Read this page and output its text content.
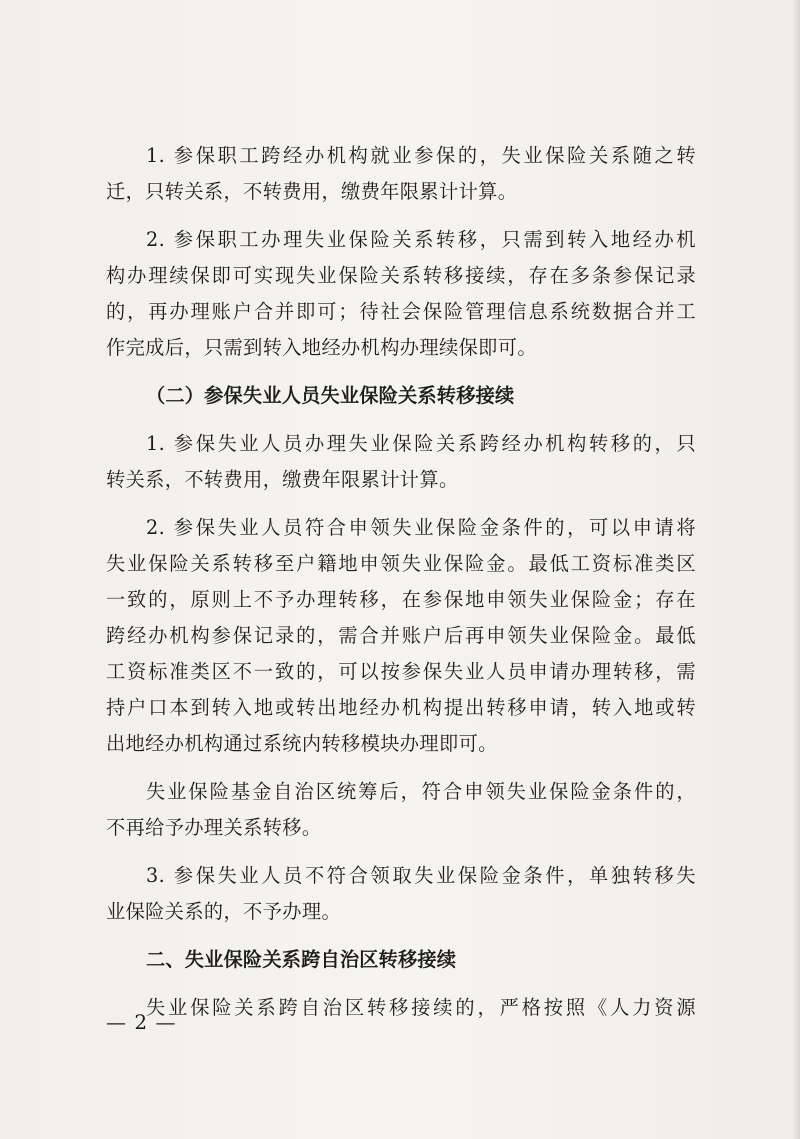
1. 参保职工跨经办机构就业参保的，失业保险关系随之转
迁，只转关系，不转费用，缴费年限累计计算。
2. 参保职工办理失业保险关系转移，只需到转入地经办机
构办理续保即可实现失业保险关系转移接续，存在多条参保记录
的，再办理账户合并即可；待社会保险管理信息系统数据合并工
作完成后，只需到转入地经办机构办理续保即可。
（二）参保失业人员失业保险关系转移接续
1. 参保失业人员办理失业保险关系跨经办机构转移的，只
转关系，不转费用，缴费年限累计计算。
2. 参保失业人员符合申领失业保险金条件的，可以申请将
失业保险关系转移至户籍地申领失业保险金。最低工资标准类区
一致的，原则上不予办理转移，在参保地申领失业保险金；存在
跨经办机构参保记录的，需合并账户后再申领失业保险金。最低
工资标准类区不一致的，可以按参保失业人员申请办理转移，需
持户口本到转入地或转出地经办机构提出转移申请，转入地或转
出地经办机构通过系统内转移模块办理即可。
失业保险基金自治区统筹后，符合申领失业保险金条件的，
不再给予办理关系转移。
3. 参保失业人员不符合领取失业保险金条件，单独转移失
业保险关系的，不予办理。
二、失业保险关系跨自治区转移接续
失业保险关系跨自治区转移接续的，严格按照《人力资源
— 2 —
